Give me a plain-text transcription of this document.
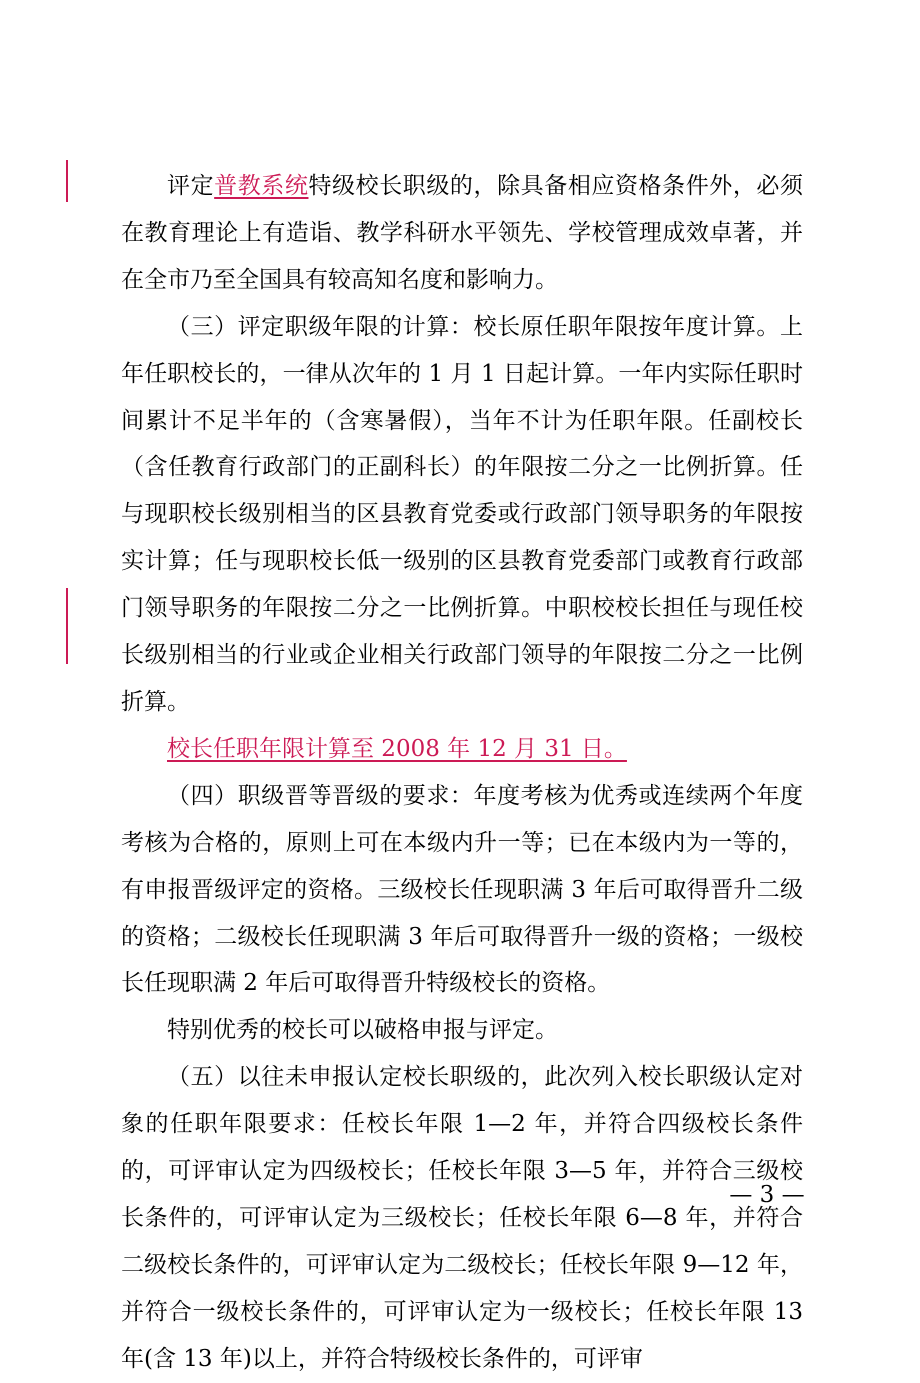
评定普教系统特级校长职级的，除具备相应资格条件外，必须在教育理论上有造诣、教学科研水平领先、学校管理成效卓著，并在全市乃至全国具有较高知名度和影响力。

（三）评定职级年限的计算：校长原任职年限按年度计算。上年任职校长的，一律从次年的 1 月 1 日起计算。一年内实际任职时间累计不足半年的（含寒暑假），当年不计为任职年限。任副校长（含任教育行政部门的正副科长）的年限按二分之一比例折算。任与现职校长级别相当的区县教育党委或行政部门领导职务的年限按实计算；任与现职校长低一级别的区县教育党委部门或教育行政部门领导职务的年限按二分之一比例折算。中职校校长担任与现任校长级别相当的行业或企业相关行政部门领导的年限按二分之一比例折算。

校长任职年限计算至 2008 年 12 月 31 日。

（四）职级晋等晋级的要求：年度考核为优秀或连续两个年度考核为合格的，原则上可在本级内升一等；已在本级内为一等的，有申报晋级评定的资格。三级校长任现职满 3 年后可取得晋升二级的资格；二级校长任现职满 3 年后可取得晋升一级的资格；一级校长任现职满 2 年后可取得晋升特级校长的资格。

特别优秀的校长可以破格申报与评定。

（五）以往未申报认定校长职级的，此次列入校长职级认定对象的任职年限要求：任校长年限 1—2 年，并符合四级校长条件的，可评审认定为四级校长；任校长年限 3—5 年，并符合三级校长条件的，可评审认定为三级校长；任校长年限 6—8 年，并符合二级校长条件的，可评审认定为二级校长；任校长年限 9—12 年，并符合一级校长条件的，可评审认定为一级校长；任校长年限 13 年(含 13 年)以上，并符合特级校长条件的，可评审

— 3 —
